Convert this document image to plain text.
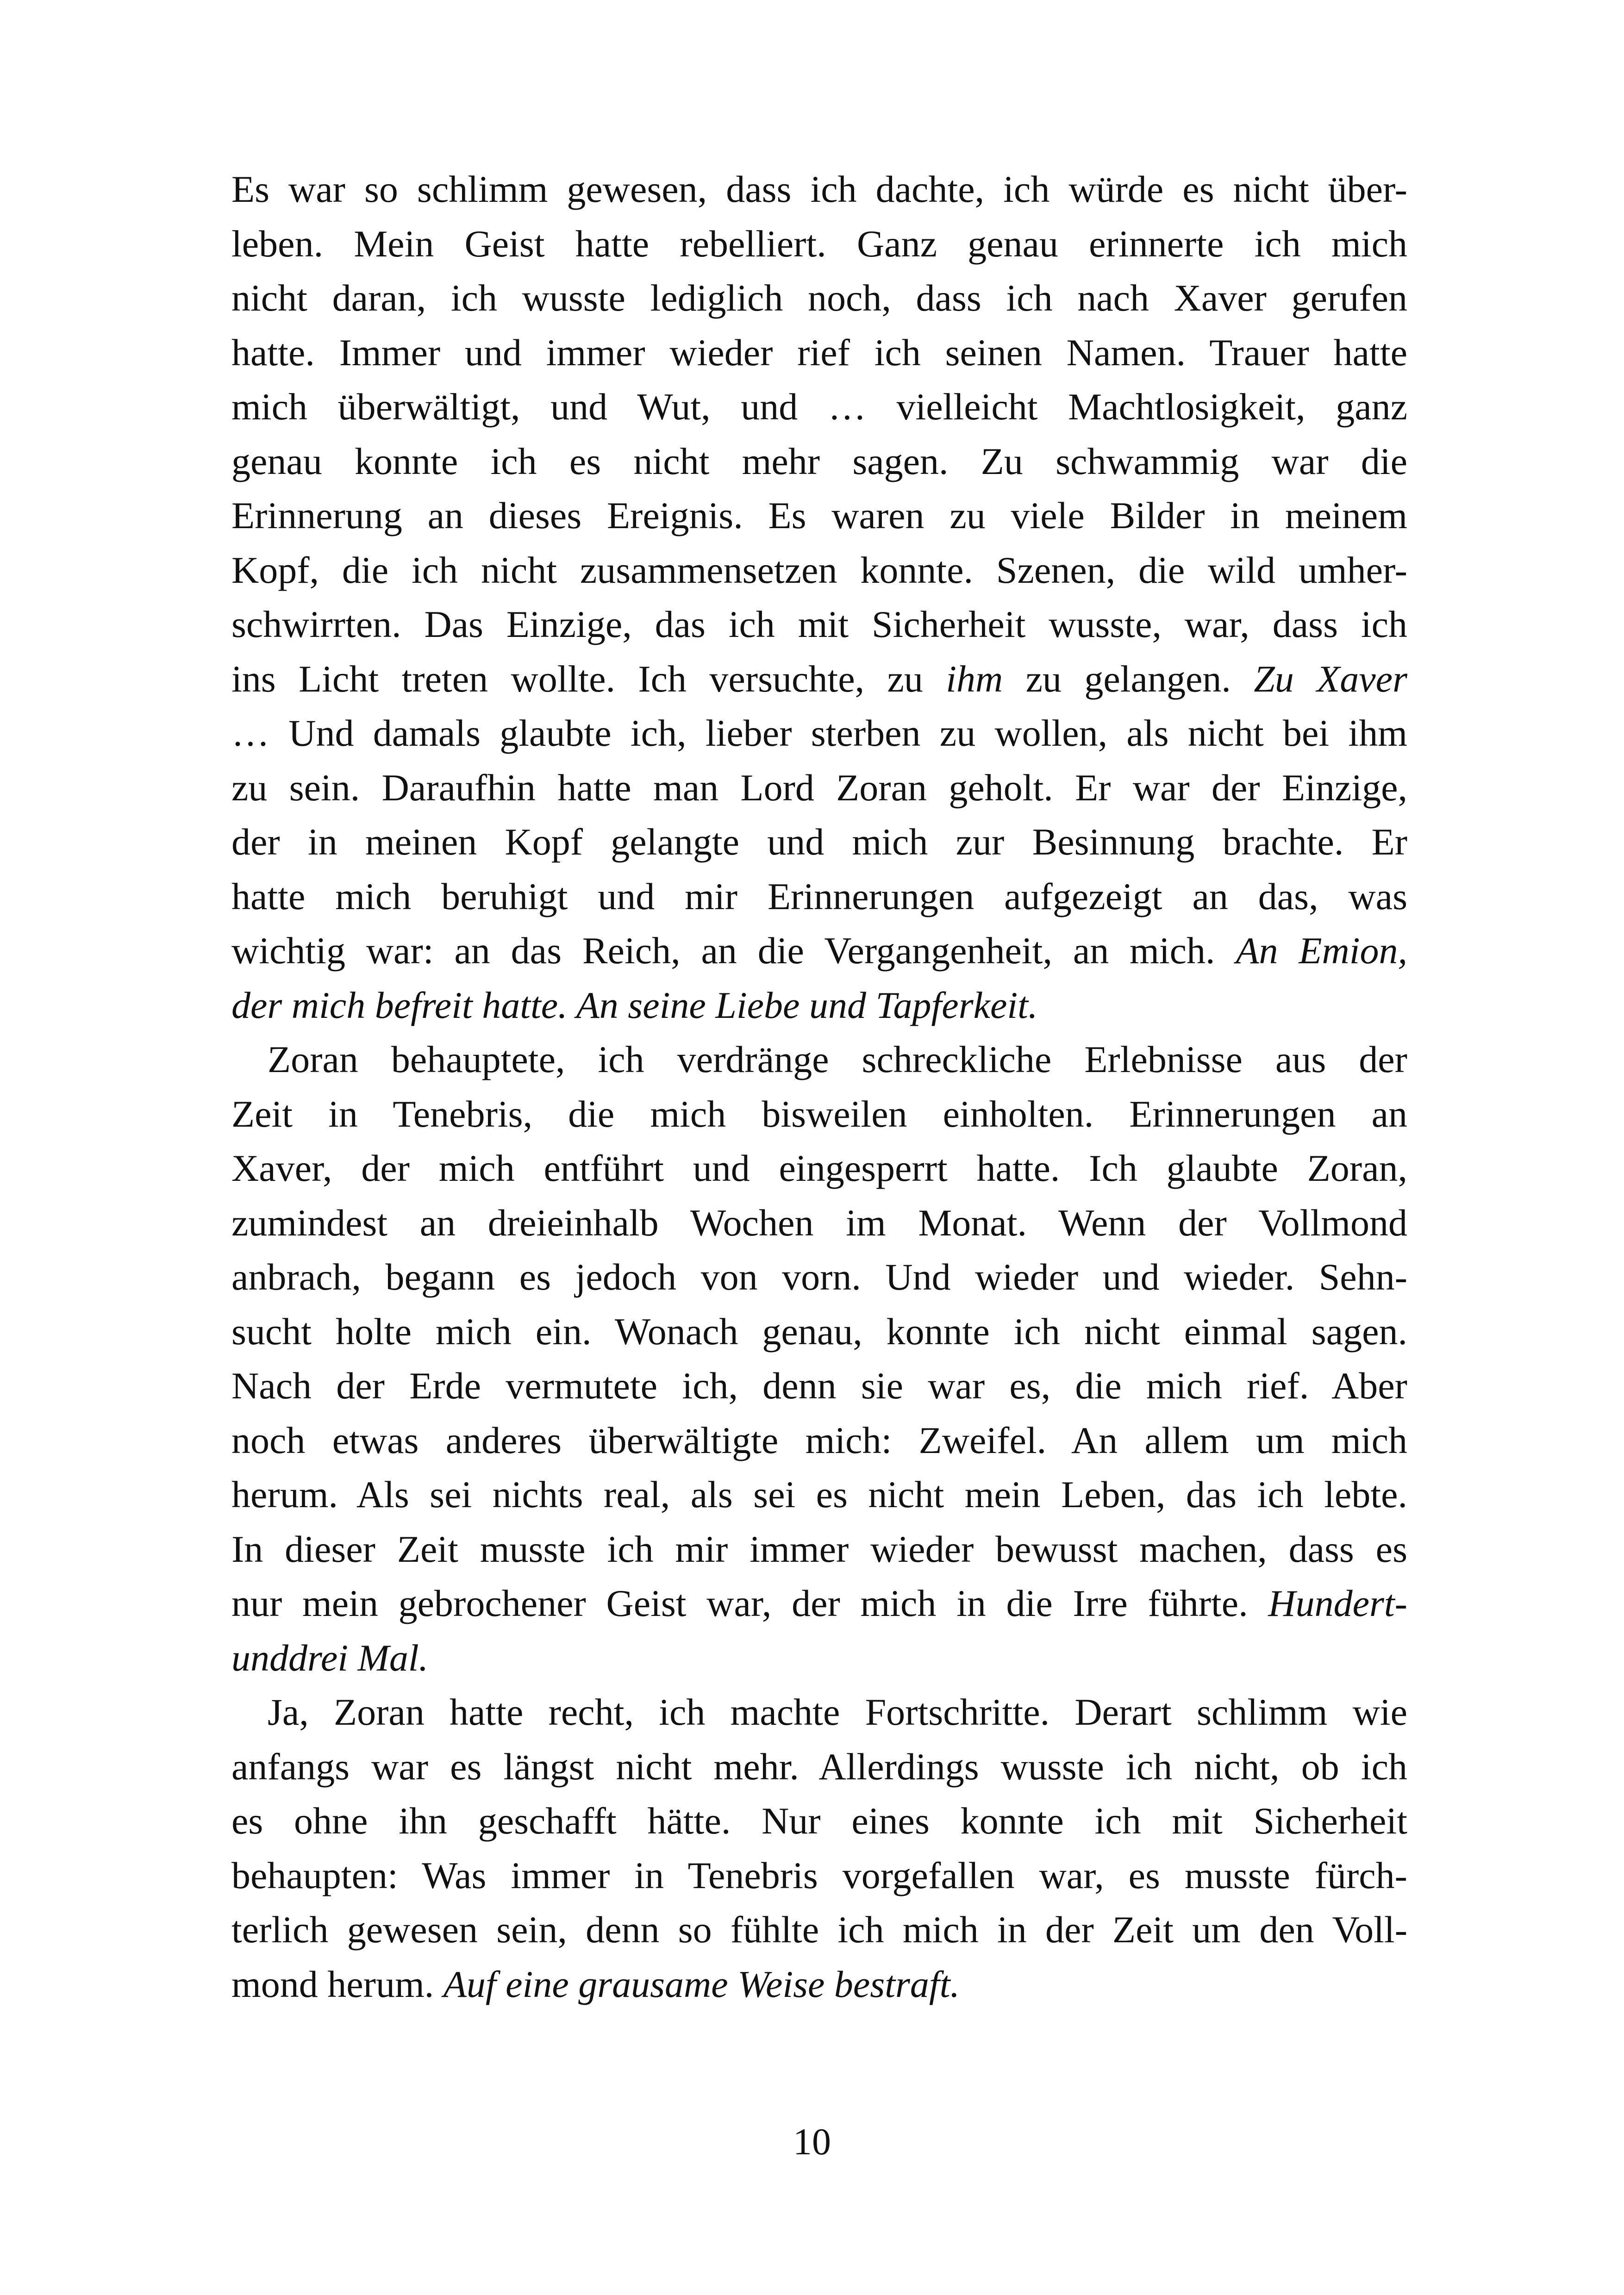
Es war so schlimm gewesen, dass ich dachte, ich würde es nicht über-
leben. Mein Geist hatte rebelliert. Ganz genau erinnerte ich mich
nicht daran, ich wusste lediglich noch, dass ich nach Xaver gerufen
hatte. Immer und immer wieder rief ich seinen Namen. Trauer hatte
mich überwältigt, und Wut, und … vielleicht Machtlosigkeit, ganz
genau konnte ich es nicht mehr sagen. Zu schwammig war die
Erinnerung an dieses Ereignis. Es waren zu viele Bilder in meinem
Kopf, die ich nicht zusammensetzen konnte. Szenen, die wild umher-
schwirrten. Das Einzige, das ich mit Sicherheit wusste, war, dass ich
ins Licht treten wollte. Ich versuchte, zu ihm zu gelangen. Zu Xaver
… Und damals glaubte ich, lieber sterben zu wollen, als nicht bei ihm
zu sein. Daraufhin hatte man Lord Zoran geholt. Er war der Einzige,
der in meinen Kopf gelangte und mich zur Besinnung brachte. Er
hatte mich beruhigt und mir Erinnerungen aufgezeigt an das, was
wichtig war: an das Reich, an die Vergangenheit, an mich. An Emion,
der mich befreit hatte. An seine Liebe und Tapferkeit.
Zoran behauptete, ich verdränge schreckliche Erlebnisse aus der
Zeit in Tenebris, die mich bisweilen einholten. Erinnerungen an
Xaver, der mich entführt und eingesperrt hatte. Ich glaubte Zoran,
zumindest an dreieinhalb Wochen im Monat. Wenn der Vollmond
anbrach, begann es jedoch von vorn. Und wieder und wieder. Sehn-
sucht holte mich ein. Wonach genau, konnte ich nicht einmal sagen.
Nach der Erde vermutete ich, denn sie war es, die mich rief. Aber
noch etwas anderes überwältigte mich: Zweifel. An allem um mich
herum. Als sei nichts real, als sei es nicht mein Leben, das ich lebte.
In dieser Zeit musste ich mir immer wieder bewusst machen, dass es
nur mein gebrochener Geist war, der mich in die Irre führte. Hundert-
unddrei Mal.
Ja, Zoran hatte recht, ich machte Fortschritte. Derart schlimm wie
anfangs war es längst nicht mehr. Allerdings wusste ich nicht, ob ich
es ohne ihn geschafft hätte. Nur eines konnte ich mit Sicherheit
behaupten: Was immer in Tenebris vorgefallen war, es musste fürch-
terlich gewesen sein, denn so fühlte ich mich in der Zeit um den Voll-
mond herum. Auf eine grausame Weise bestraft.
10
